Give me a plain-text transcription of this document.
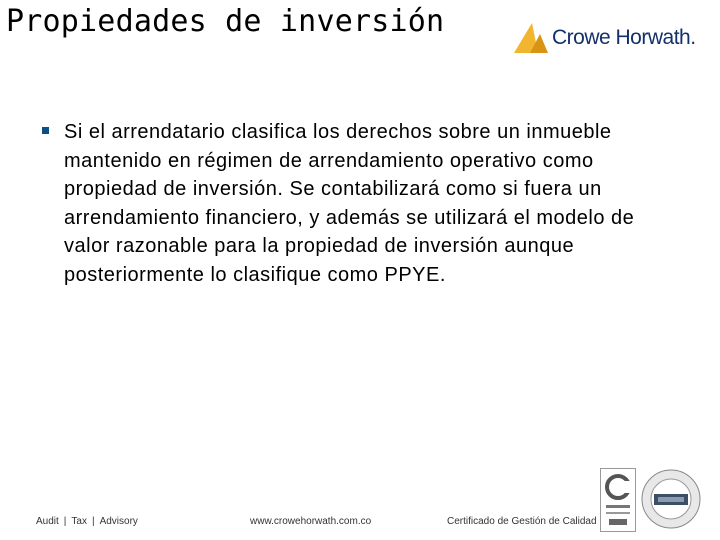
Propiedades de inversión	Crowe Horwath.
Si el arrendatario clasifica los derechos sobre un inmueble mantenido en régimen de arrendamiento operativo como propiedad de inversión. Se contabilizará como si fuera un arrendamiento financiero, y además se utilizará el modelo de valor razonable para la propiedad de inversión aunque posteriormente lo clasifique como PPYE.
Audit | Tax | Advisory	www.crowehorwath.com.co	Certificado de Gestión de Calidad
